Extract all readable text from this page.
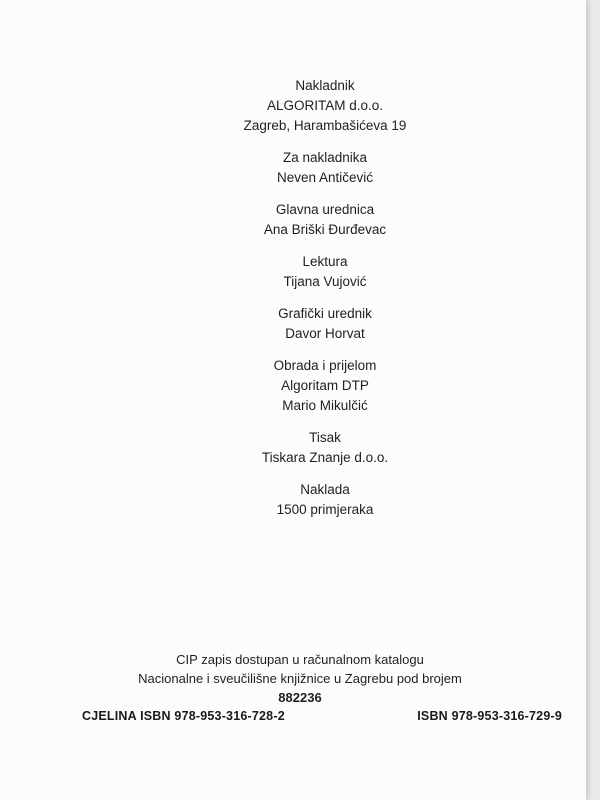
Nakladnik
ALGORITAM d.o.o.
Zagreb, Harambašićeva 19
Za nakladnika
Neven Antičević
Glavna urednica
Ana Briški Đurđevac
Lektura
Tijana Vujović
Grafički urednik
Davor Horvat
Obrada i prijelom
Algoritam DTP
Mario Mikulčić
Tisak
Tiskara Znanje d.o.o.
Naklada
1500 primjeraka
CIP zapis dostupan u računalnom katalogu
Nacionalne i sveučilišne knjižnice u Zagrebu pod brojem
882236
CJELINA ISBN 978-953-316-728-2	ISBN 978-953-316-729-9
